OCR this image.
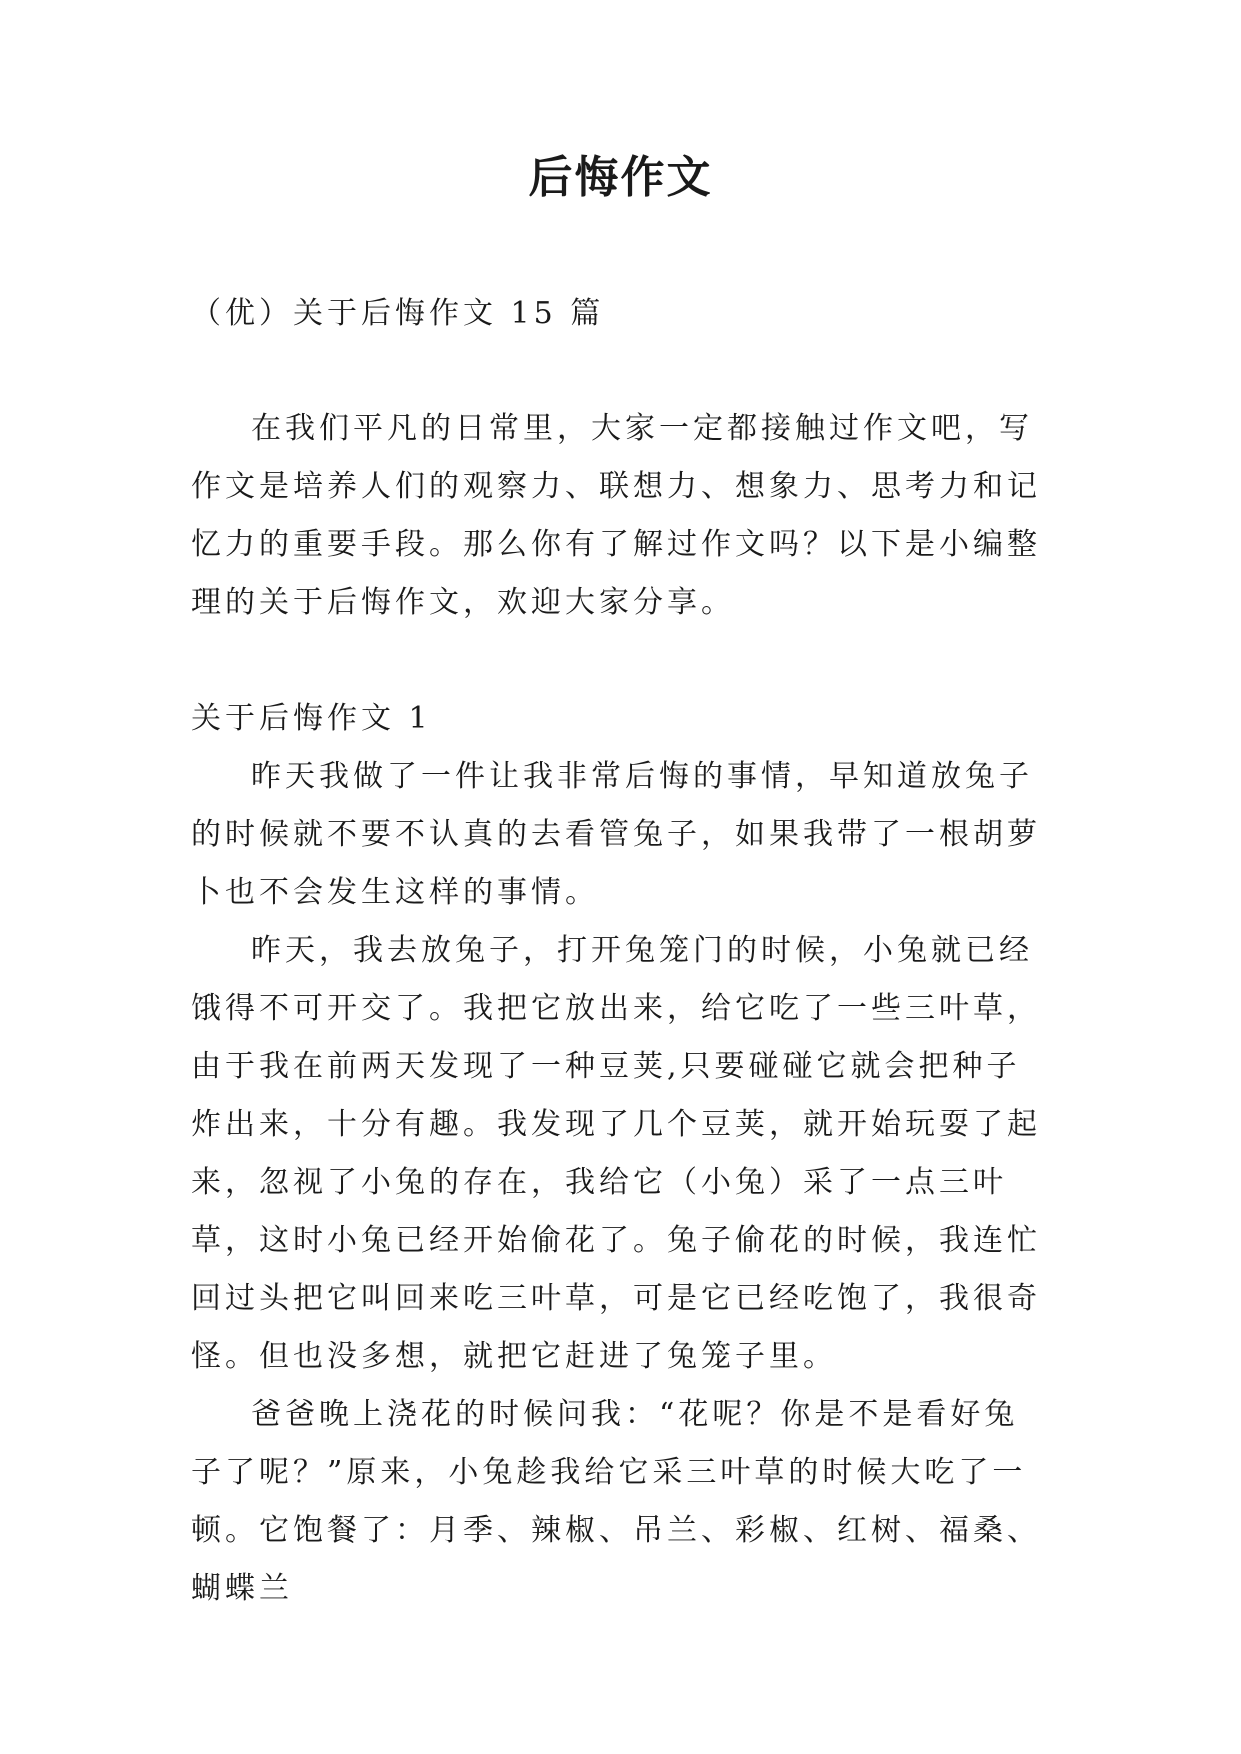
后悔作文
（优）关于后悔作文 15 篇

在我们平凡的日常里，大家一定都接触过作文吧，写作文是培养人们的观察力、联想力、想象力、思考力和记忆力的重要手段。那么你有了解过作文吗？以下是小编整理的关于后悔作文，欢迎大家分享。

关于后悔作文 1

昨天我做了一件让我非常后悔的事情，早知道放兔子的时候就不要不认真的去看管兔子，如果我带了一根胡萝卜也不会发生这样的事情。

昨天，我去放兔子，打开兔笼门的时候，小兔就已经饿得不可开交了。我把它放出来，给它吃了一些三叶草，由于我在前两天发现了一种豆荚,只要碰碰它就会把种子炸出来，十分有趣。我发现了几个豆荚，就开始玩耍了起来，忽视了小兔的存在，我给它（小兔）采了一点三叶草，这时小兔已经开始偷花了。兔子偷花的时候，我连忙回过头把它叫回来吃三叶草，可是它已经吃饱了，我很奇怪。但也没多想，就把它赶进了兔笼子里。

爸爸晚上浇花的时候问我：“花呢？你是不是看好兔子了呢？”原来，小兔趁我给它采三叶草的时候大吃了一顿。它饱餐了：月季、辣椒、吊兰、彩椒、红树、福桑、蝴蝶兰
